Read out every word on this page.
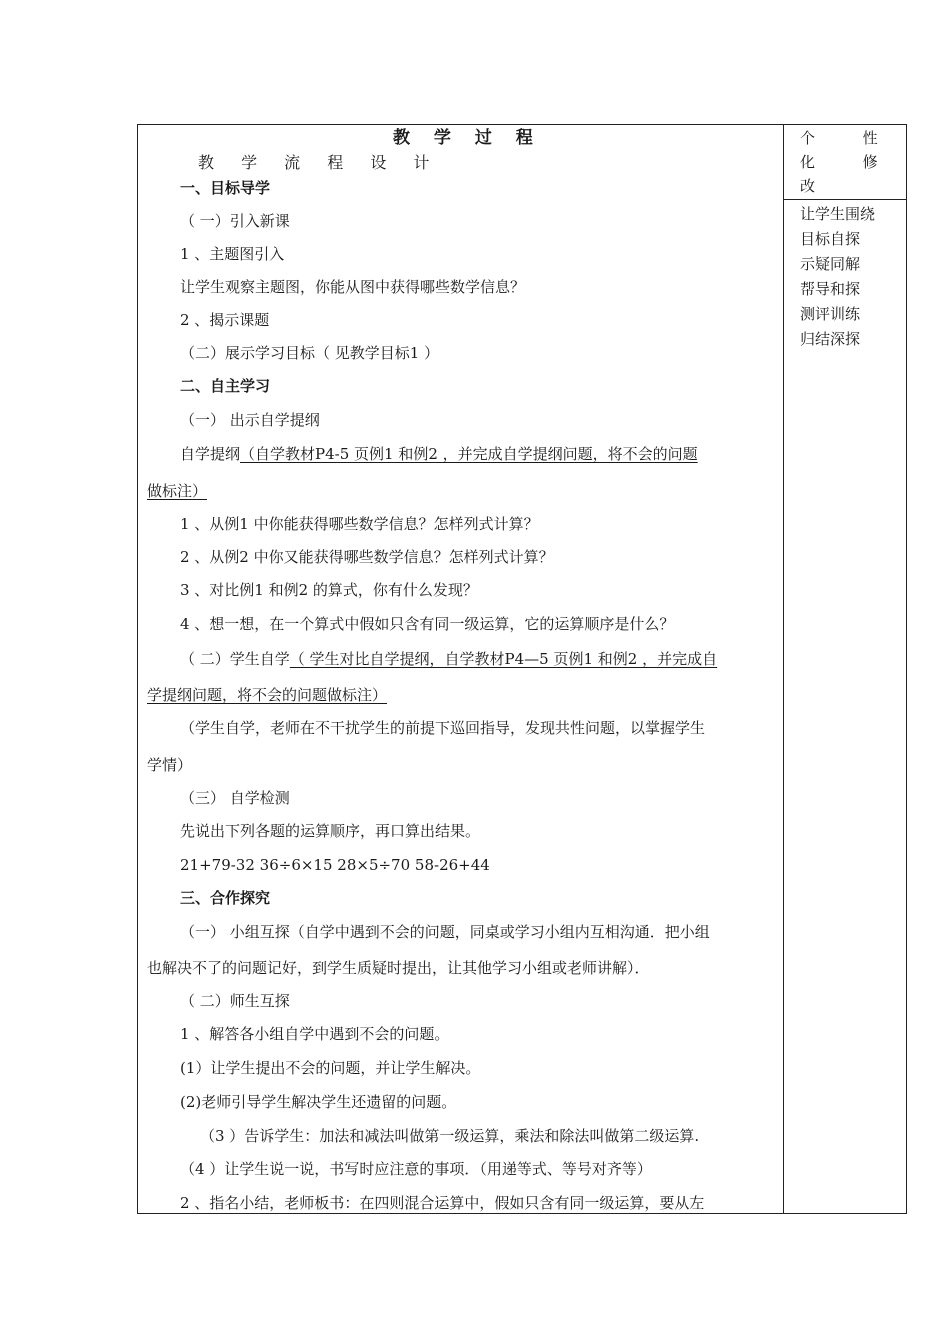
教 学 过 程
教 学 流 程 设 计
个          性
化          修
改
让学生围绕
目标自探
示疑同解
帮导和探
测评训练
归结深探
一、目标导学
（ 一）引入新课
1 、主题图引入
让学生观察主题图，你能从图中获得哪些数学信息？
2 、揭示课题
（二）展示学习目标（ 见教学目标1 ）
二、自主学习
（一） 出示自学提纲
自学提纲（自学教材P4-5 页例1 和例2 ，并完成自学提纲问题，将不会的问题
做标注）
1 、从例1 中你能获得哪些数学信息？怎样列式计算？
2 、从例2 中你又能获得哪些数学信息？怎样列式计算？
3 、对比例1 和例2 的算式，你有什么发现？
4 、想一想，在一个算式中假如只含有同一级运算，它的运算顺序是什么？
（ 二）学生自学（ 学生对比自学提纲，自学教材P4—5 页例1 和例2 ，并完成自
学提纲问题，将不会的问题做标注）
（学生自学，老师在不干扰学生的前提下巡回指导，发现共性问题，以掌握学生
学情）
（三） 自学检测
先说出下列各题的运算顺序，再口算出结果。
21+79-32 36÷6×15 28×5÷70 58-26+44
三、合作探究
（一） 小组互探（自学中遇到不会的问题，同桌或学习小组内互相沟通．把小组
也解决不了的问题记好，到学生质疑时提出，让其他学习小组或老师讲解）．
（ 二）师生互探
1 、解答各小组自学中遇到不会的问题。
(1）让学生提出不会的问题，并让学生解决。
(2)老师引导学生解决学生还遗留的问题。
（3 ）告诉学生：加法和减法叫做第一级运算，乘法和除法叫做第二级运算.
（4 ）让学生说一说，书写时应注意的事项．（用递等式、等号对齐等）
2 、指名小结，老师板书：在四则混合运算中，假如只含有同一级运算，要从左
